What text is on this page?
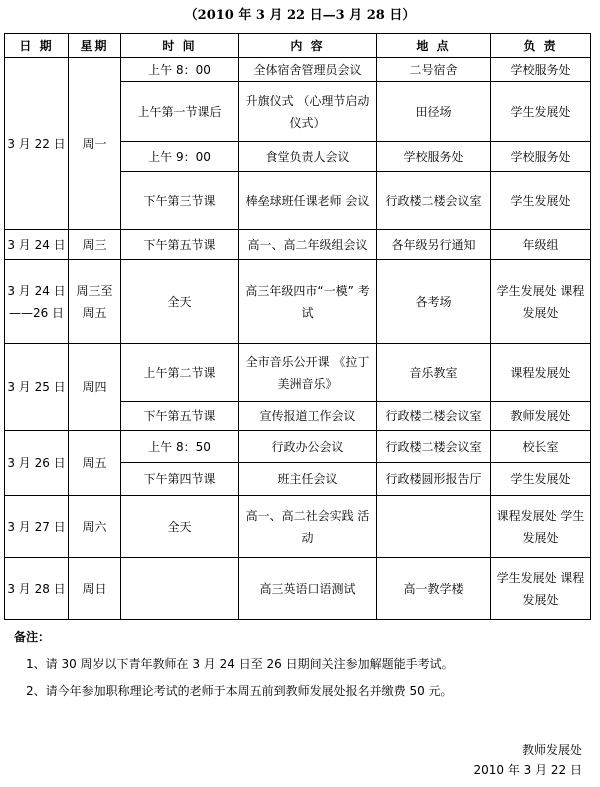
（2010 年 3 月 22 日—3 月 28 日）
日 期	星期	时 间	内 容	地 点	负 责
3 月 22 日	周一	上午 8：00	全体宿舍管理员会议	二号宿舍	学校服务处
		上午第一节课后	升旗仪式 （心理节启动仪式）	田径场	学生发展处
		上午 9：00	食堂负责人会议	学校服务处	学校服务处
		下午第三节课	棒垒球班任课老师 会议	行政楼二楼会议室	学生发展处
3 月 24 日	周三	下午第五节课	高一、高二年级组会议	各年级另行通知	年级组
3 月 24 日 ——26 日	周三至 周五	全天	高三年级四市“一模” 考试	各考场	学生发展处 课程发展处
3 月 25 日	周四	上午第二节课	全市音乐公开课 《拉丁美洲音乐》	音乐教室	课程发展处
		下午第五节课	宣传报道工作会议	行政楼二楼会议室	教师发展处
3 月 26 日	周五	上午 8：50	行政办公会议	行政楼二楼会议室	校长室
		下午第四节课	班主任会议	行政楼圆形报告厅	学生发展处
3 月 27 日	周六	全天	高一、高二社会实践 活动		课程发展处 学生发展处
3 月 28 日	周日		高三英语口语测试	高一教学楼	学生发展处 课程发展处
备注：
1、请 30 周岁以下青年教师在 3 月 24 日至 26 日期间关注参加解题能手考试。
2、请今年参加职称理论考试的老师于本周五前到教师发展处报名并缴费 50 元。
教师发展处
2010 年 3 月 22 日
